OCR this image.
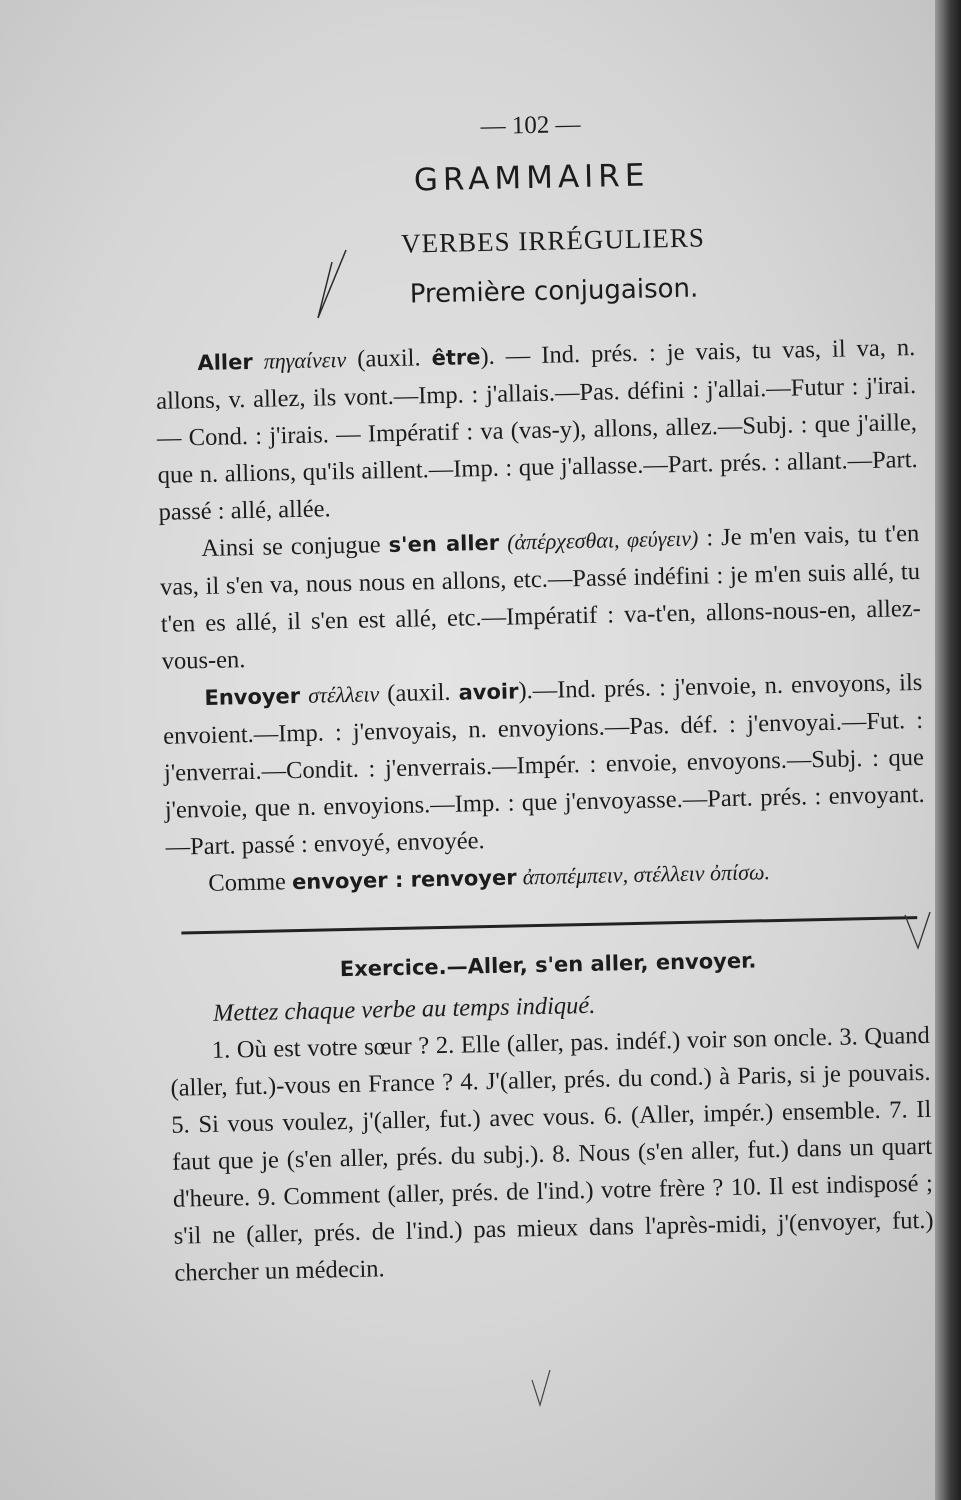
— 102 —
GRAMMAIRE
VERBES IRRÉGULIERS
Première conjugaison.

Aller πηγαίνειν (auxil. être). — Ind. prés. : je vais, tu vas, il va, n. allons, v. allez, ils vont.—Imp. : j'allais.—Pas. défini : j'allai.—Futur : j'irai. — Cond. : j'irais. — Impératif : va (vas-y), allons, allez.—Subj. : que j'aille, que n. allions, qu'ils aillent.—Imp. : que j'allasse.—Part. prés. : allant.—Part. passé : allé, allée.

Ainsi se conjugue s'en aller (ἀπέρχεσθαι, φεύγειν) : Je m'en vais, tu t'en vas, il s'en va, nous nous en allons, etc.—Passé indéfini : je m'en suis allé, tu t'en es allé, il s'en est allé, etc.—Impératif : va-t'en, allons-nous-en, allez-vous-en.

Envoyer στέλλειν (auxil. avoir).—Ind. prés. : j'envoie, n. envoyons, ils envoient.—Imp. : j'envoyais, n. envoyions.—Pas. déf. : j'envoyai.—Fut. : j'enverrai.—Condit. : j'enverrais.—Impér. : envoie, envoyons.—Subj. : que j'envoie, que n. envoyions.—Imp. : que j'envoyasse.—Part. prés. : envoyant.—Part. passé : envoyé, envoyée.

Comme envoyer : renvoyer ἀποπέμπειν, στέλλειν ὀπίσω.

Exercice.—Aller, s'en aller, envoyer.
Mettez chaque verbe au temps indiqué.

1. Où est votre sœur ? 2. Elle (aller, pas. indéf.) voir son oncle. 3. Quand (aller, fut.)-vous en France ? 4. J'(aller, prés. du cond.) à Paris, si je pouvais. 5. Si vous voulez, j'(aller, fut.) avec vous. 6. (Aller, impér.) ensemble. 7. Il faut que je (s'en aller, prés. du subj.). 8. Nous (s'en aller, fut.) dans un quart d'heure. 9. Comment (aller, prés. de l'ind.) votre frère ? 10. Il est indisposé ; s'il ne (aller, prés. de l'ind.) pas mieux dans l'après-midi, j'(envoyer, fut.) chercher un médecin.
